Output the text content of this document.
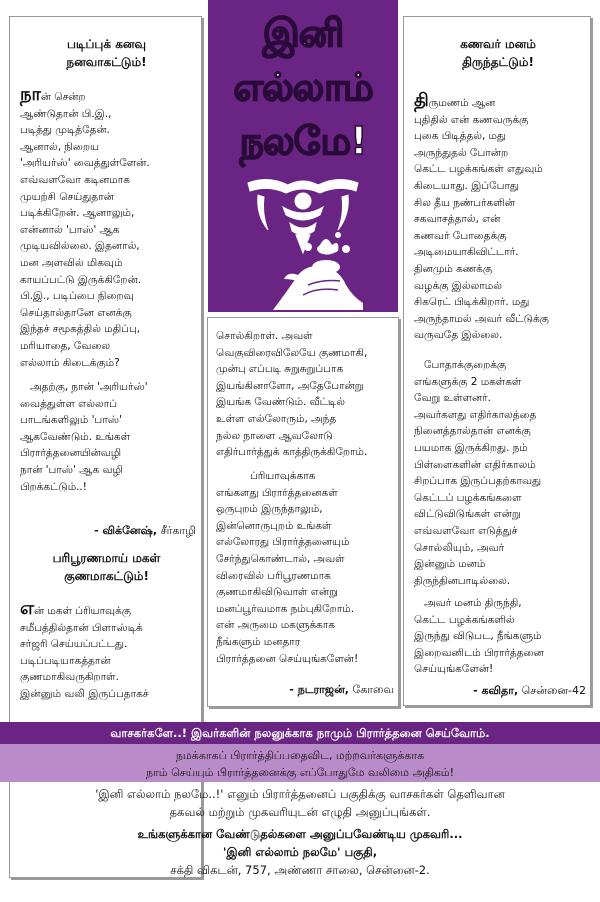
படிப்புக் கனவு
நனவாகட்டும்!
நான் சென்ற
ஆண்டுதான் பி.இ.,
படித்து முடித்தேன்.
ஆனால், நிறைய
'அரியர்ஸ்' வைத்துள்ளேன்.
எவ்வளவோ கடினமாக
முயற்சி செய்துதான்
படிக்கிறேன். ஆனாலும்,
என்னால் 'பாஸ்' ஆக
முடியவில்லை. இதனால்,
மன அளவில் மிகவும்
காயப்பட்டு இருக்கிறேன்.
பி.இ., படிப்பை நிறைவு
செய்தால்தானே எனக்கு
இந்தச் சமூகத்தில் மதிப்பு,
மரியாதை, வேலை
எல்லாம் கிடைக்கும்?
அதற்கு, நான் 'அரியர்ஸ்'
வைத்துள்ள எல்லாப்
பாடங்களிலும் 'பாஸ்'
ஆகவேண்டும். உங்கள்
பிரார்த்தனையின்வழி
நான் 'பாஸ்' ஆக வழி
பிறக்கட்டும்..!
- விக்னேஷ், சீர்காழி
பரிபூரணமாய் மகள்
குணமாகட்டும்!
என் மகள் ப்ரியாவுக்கு
சமீபத்தில்தான் பிளாஸ்டிக்
சர்ஜரி செய்யப்பட்டது.
படிப்படியாகத்தான்
குணமாகிவருகிறாள்.
இன்னும் வலி இருப்பதாகச்
இனி
எல்லாம்
நலமே!
சொல்கிறாள். அவள்
வெகுவிரைவிலேயே குணமாகி,
முன்பு எப்படி சுறுசுறுப்பாக
இயங்கினாளோ, அதேபோன்று
இயங்க வேண்டும். வீட்டில்
உள்ள எல்லோரும், அந்த
நல்ல நாளை ஆவலோடு
எதிர்பார்த்துக் காத்திருக்கிறோம்.
ப்ரியாவுக்காக
எங்களது பிரார்த்தனைகள்
ஒருபுறம் இருந்தாலும்,
இன்னொருபுறம் உங்கள்
எல்லோரது பிரார்த்தனையும்
சேர்ந்துகொண்டால், அவள்
விரைவில் பரிபூரணமாக
குணமாகிவிடுவாள் என்று
மனப்பூர்வமாக நம்புகிறோம்.
என் அருமை மகளுக்காக
நீங்களும் மனதார
பிரார்த்தனை செய்யுங்களேன்!
- நடராஜன், கோவை
கணவர் மனம்
திருந்தட்டும்!
திருமணம் ஆன
புதிதில் என் கணவருக்கு
புகை பிடித்தல், மது
அருந்துதல் போன்ற
கெட்ட பழக்கங்கள் எதுவும்
கிடையாது. இப்போது
சில தீய நண்பர்களின்
சகவாசத்தால், என்
கணவர் போதைக்கு
அடிமையாகிவிட்டார்.
தினமும் கணக்கு
வழக்கு இல்லாமல்
சிகரெட் பிடிக்கிறார். மது
அருந்தாமல் அவர் வீட்டுக்கு
வருவதே இல்லை.
போதாக்குறைக்கு
எங்களுக்கு 2 மகள்கள்
வேறு உள்ளனர்.
அவர்களது எதிர்காலத்தை
நினைத்தால்தான் எனக்கு
பயமாக இருக்கிறது. நம்
பிள்ளைகளின் எதிர்காலம்
சிறப்பாக இருப்பதற்காவது
கெட்டப் பழக்கங்களை
விட்டுவிடுங்கள் என்று
எவ்வளவோ எடுத்துச்
சொல்லியும், அவர்
இன்னும் மனம்
திருந்தினபாடில்லை.
அவர் மனம் திருந்தி,
கெட்ட பழக்கங்களில்
இருந்து விடுபட, நீங்களும்
இறைவனிடம் பிரார்த்தனை
செய்யுங்களேன்!
- கவிதா, சென்னை-42
வாசகர்களே..! இவர்களின் நலனுக்காக நாமும் பிரார்த்தனை செய்வோம்.
நமக்காகப் பிரார்த்திப்பதைவிட, மற்றவர்களுக்காக
நாம் செய்யும் பிரார்த்தனைக்கு எப்போதுமே வலிமை அதிகம்!
'இனி எல்லாம் நலமே..!' எனும் பிரார்த்தனைப் பகுதிக்கு வாசகர்கள் தெளிவான
தகவல் மற்றும் முகவரியுடன் எழுதி அனுப்புங்கள்.
உங்களுக்கான வேண்டுதல்களை அனுப்பவேண்டிய முகவரி...
'இனி எல்லாம் நலமே' பகுதி,
சக்தி விகடன், 757, அண்ணா சாலை, சென்னை-2.
